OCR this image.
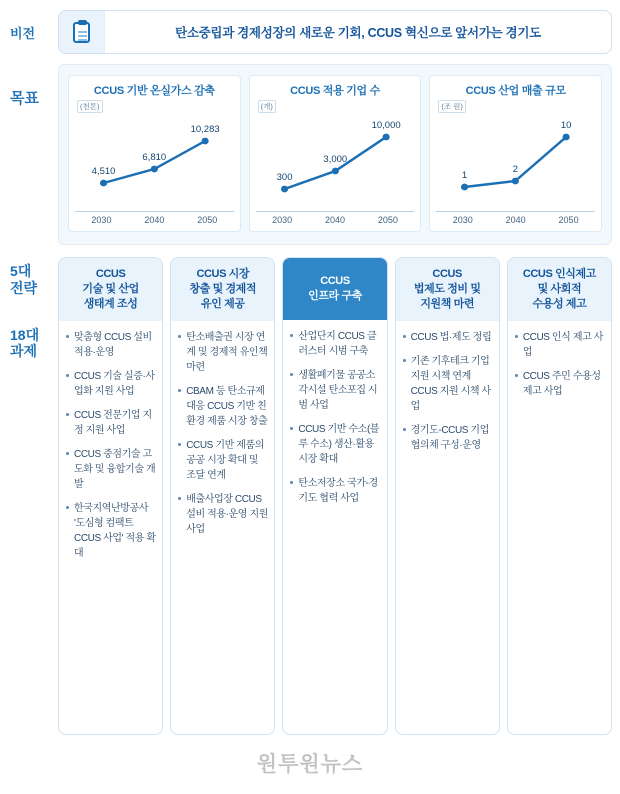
비전	탄소중립과 경제성장의 새로운 기회, CCUS 혁신으로 앞서가는 경기도
목표	CCUS 기반 온실가스 감축
(천톤)
4,510
6,810
10,283
2030	2040	2050
CCUS 적용 기업 수
(개)
300
3,000
10,000
2030	2040	2050
CCUS 산업 매출 규모
(조 원)
1
2
10
2030	2040	2050
5대
전략
18대
과제
CCUS
기술 및 산업
생태계 조성
맞춤형 CCUS 설비 적용·운영
CCUS 기술 실증·사업화 지원 사업
CCUS 전문기업 지정 지원 사업
CCUS 중점기술 고도화 및 융합기술 개발
한국지역난방공사 '도심형 컴팩트 CCUS 사업' 적용 확대
CCUS 시장
창출 및 경제적
유인 제공
탄소배출권 시장 연계 및 경제적 유인책 마련
CBAM 등 탄소규제 대응 CCUS 기반 친환경 제품 시장 창출
CCUS 기반 제품의 공공 시장 확대 및 조달 연계
배출사업장 CCUS 설비 적용·운영 지원 사업
CCUS
인프라 구축
산업단지 CCUS 클러스터 시범 구축
생활폐기물 공공소각시설 탄소포집 시범 사업
CCUS 기반 수소(블루 수소) 생산·활용 시장 확대
탄소저장소 국가-경기도 협력 사업
CCUS
법제도 정비 및
지원책 마련
CCUS 법·제도 정립
기존 기후테크 기업 지원 시책 연계 CCUS 지원 시책 사업
경기도-CCUS 기업협의체 구성·운영
CCUS 인식제고
및 사회적
수용성 제고
CCUS 인식 제고 사업
CCUS 주민 수용성 제고 사업
원투원뉴스
